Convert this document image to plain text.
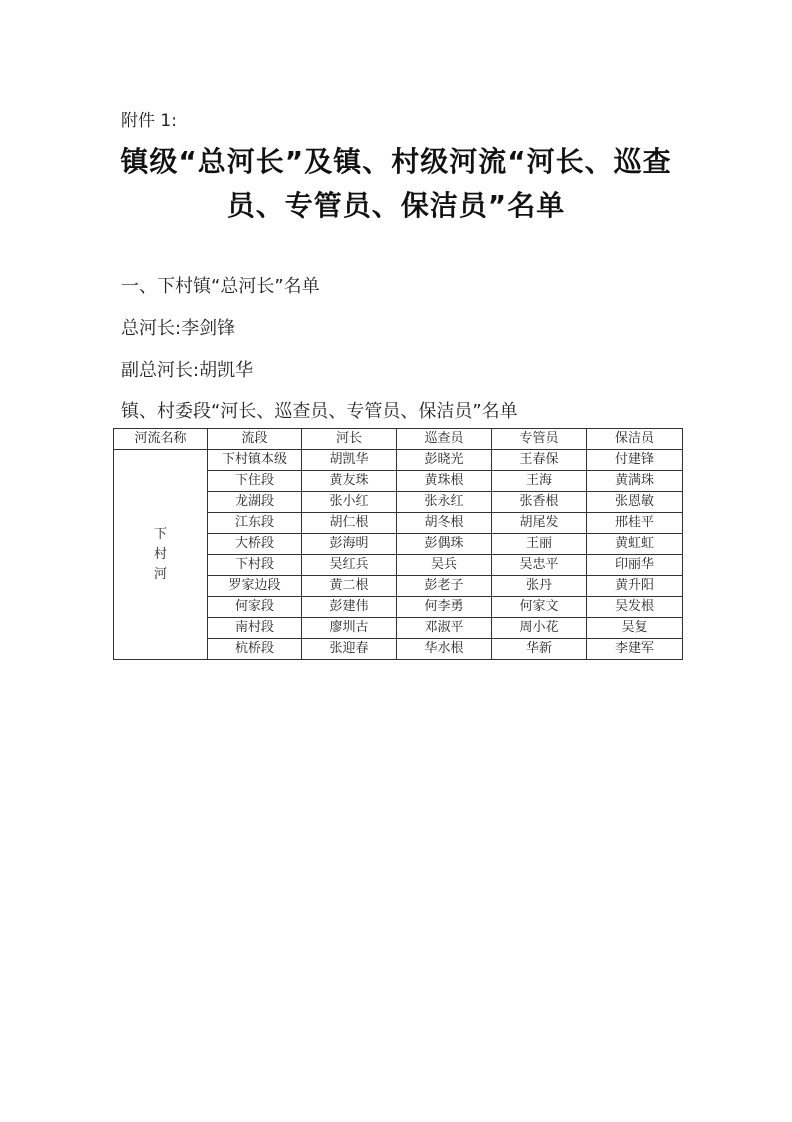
附件 1:
镇级“总河长”及镇、村级河流“河长、巡查
员、专管员、保洁员”名单
一、下村镇“总河长”名单
总河长:李剑锋
副总河长:胡凯华
镇、村委段“河长、巡查员、专管员、保洁员”名单
河流名称	流段	河长	巡查员	专管员	保洁员

下
村
河	下村镇本级	胡凯华	彭晓光	王春保	付建锋
	下住段	黄友珠	黄珠根	王海	黄满珠
	龙湖段	张小红	张永红	张香根	张恩敏
	江东段	胡仁根	胡冬根	胡尾发	邢桂平
	大桥段	彭海明	彭偶珠	王丽	黄虹虹
	下村段	吴红兵	吴兵	吴忠平	印丽华
	罗家边段	黄二根	彭老子	张丹	黄升阳
	何家段	彭建伟	何李勇	何家文	吴发根
	南村段	廖圳古	邓淑平	周小花	吴复
	杭桥段	张迎春	华水根	华新	李建军
